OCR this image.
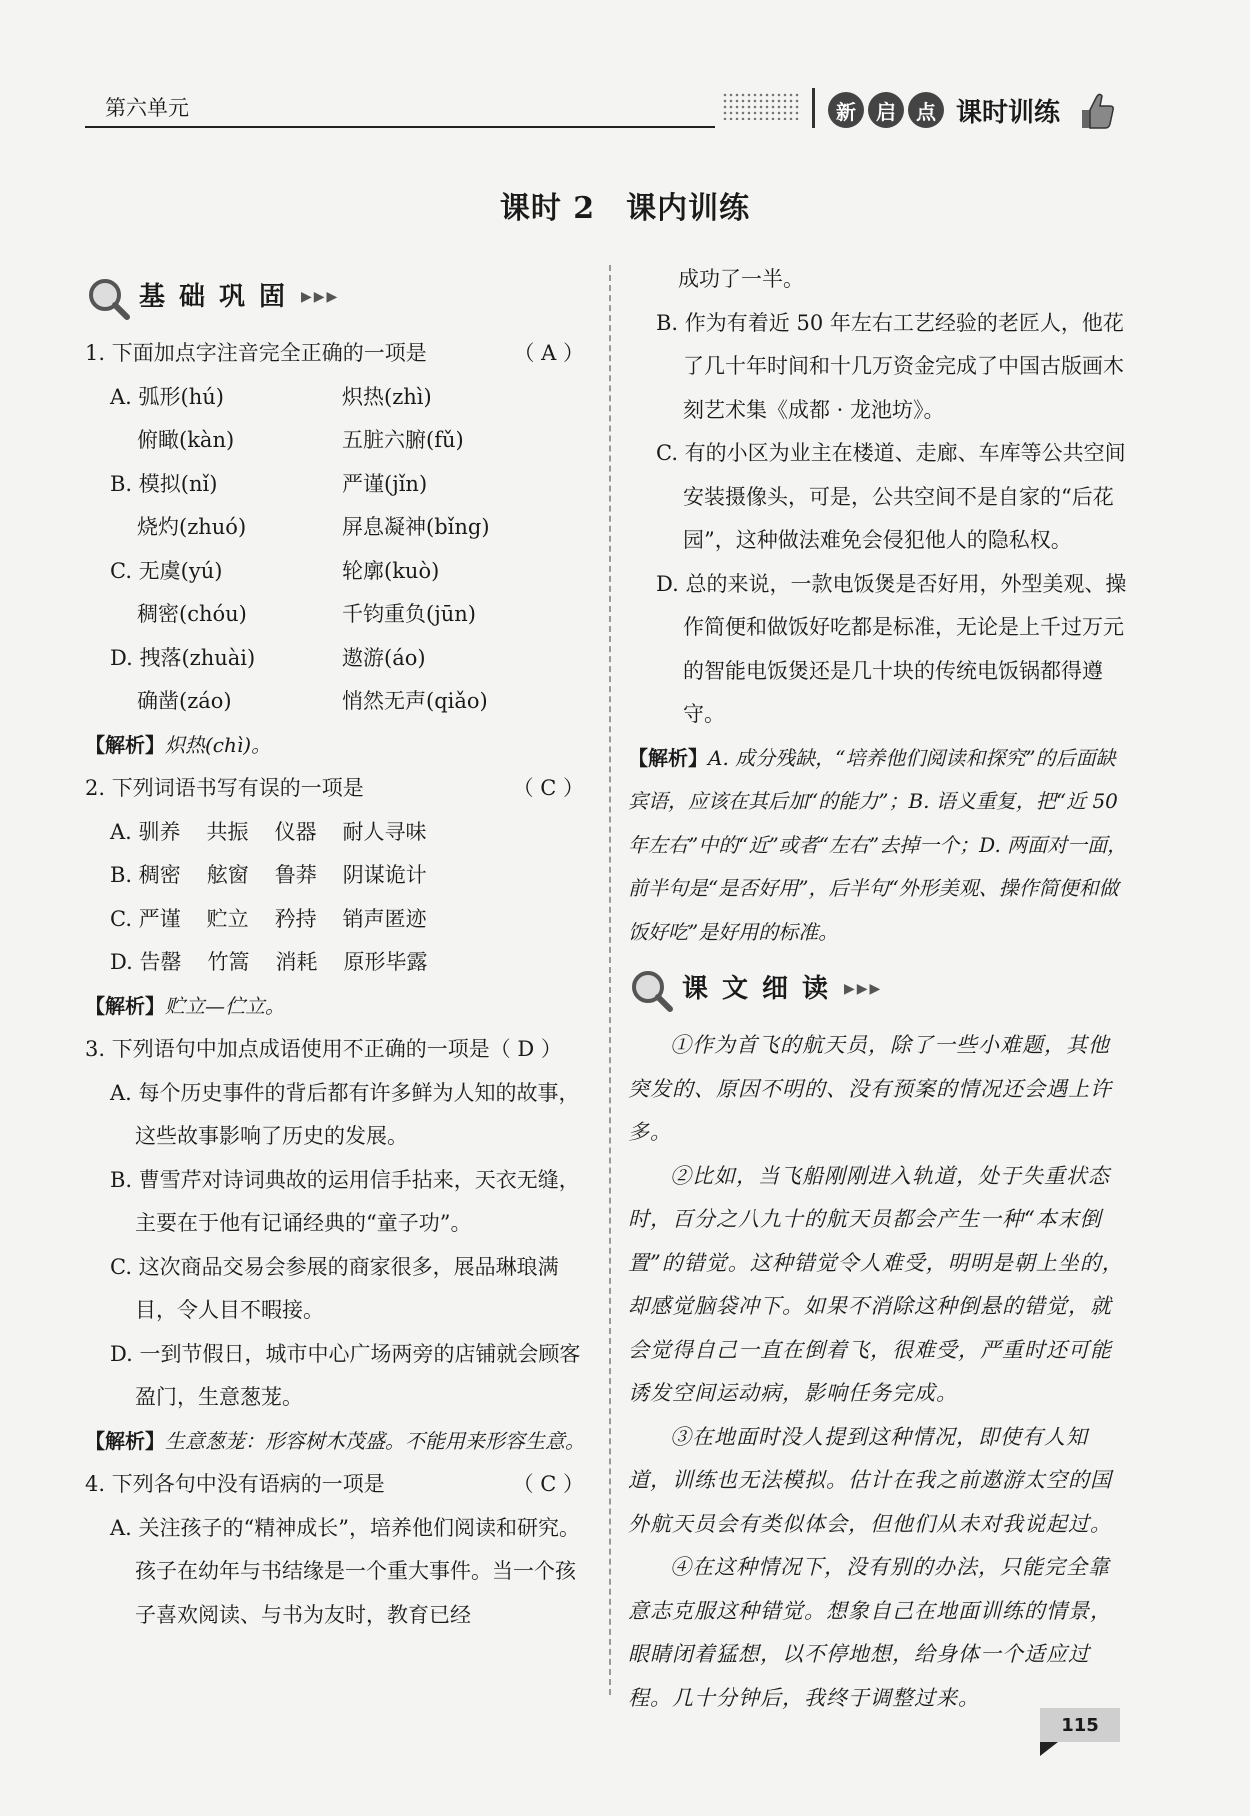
第六单元	新	启	点 课时训练
课时 2　课内训练
基础巩固 ▶▶▶
1. 下面加点字注音完全正确的一项是	（ A ）
A. 弧形(hú)	炽热(zhì)
俯瞰(kàn)	五脏六腑(fǔ)
B. 模拟(nǐ)	严谨(jǐn)
烧灼(zhuó)	屏息凝神(bǐng)
C. 无虞(yú)	轮廓(kuò)
稠密(chóu)	千钧重负(jūn)
D. 拽落(zhuài)	遨游(áo)
确凿(záo)	悄然无声(qiǎo)

【解析】炽热(chì)。

2. 下列词语书写有误的一项是	（ C ）
A. 驯养 共振 仪器 耐人寻味
B. 稠密 舷窗 鲁莽 阴谋诡计
C. 严谨 贮立 矜持 销声匿迹
D. 告罄 竹篙 消耗 原形毕露

【解析】贮立—伫立。

3. 下列语句中加点成语使用不正确的一项是（ D ）

A. 每个历史事件的背后都有许多鲜为人知的故事，这些故事影响了历史的发展。

B. 曹雪芹对诗词典故的运用信手拈来，天衣无缝，主要在于他有记诵经典的“童子功”。

C. 这次商品交易会参展的商家很多，展品琳琅满目，令人目不暇接。

D. 一到节假日，城市中心广场两旁的店铺就会顾客盈门，生意葱茏。

【解析】生意葱茏：形容树木茂盛。不能用来形容生意。

4. 下列各句中没有语病的一项是	（ C ）

A. 关注孩子的“精神成长”，培养他们阅读和研究。孩子在幼年与书结缘是一个重大事件。当一个孩子喜欢阅读、与书为友时，教育已经

成功了一半。

B. 作为有着近 50 年左右工艺经验的老匠人，他花了几十年时间和十几万资金完成了中国古版画木刻艺术集《成都 · 龙池坊》。

C. 有的小区为业主在楼道、走廊、车库等公共空间安装摄像头，可是，公共空间不是自家的“后花园”，这种做法难免会侵犯他人的隐私权。

D. 总的来说，一款电饭煲是否好用，外型美观、操作简便和做饭好吃都是标准，无论是上千过万元的智能电饭煲还是几十块的传统电饭锅都得遵守。

【解析】A. 成分残缺，“培养他们阅读和探究”的后面缺宾语，应该在其后加“的能力”；B. 语义重复，把“近 50 年左右”中的“近”或者“左右”去掉一个；D. 两面对一面，前半句是“是否好用”，后半句“外形美观、操作简便和做饭好吃”是好用的标准。

课文细读 ▶▶▶

①作为首飞的航天员，除了一些小难题，其他突发的、原因不明的、没有预案的情况还会遇上许多。

②比如，当飞船刚刚进入轨道，处于失重状态时，百分之八九十的航天员都会产生一种“本末倒置”的错觉。这种错觉令人难受，明明是朝上坐的，却感觉脑袋冲下。如果不消除这种倒悬的错觉，就会觉得自己一直在倒着飞，很难受，严重时还可能诱发空间运动病，影响任务完成。

③在地面时没人提到这种情况，即使有人知道，训练也无法模拟。估计在我之前遨游太空的国外航天员会有类似体会，但他们从未对我说起过。

④在这种情况下，没有别的办法，只能完全靠意志克服这种错觉。想象自己在地面训练的情景，眼睛闭着猛想，以不停地想，给身体一个适应过程。几十分钟后，我终于调整过来。

115
